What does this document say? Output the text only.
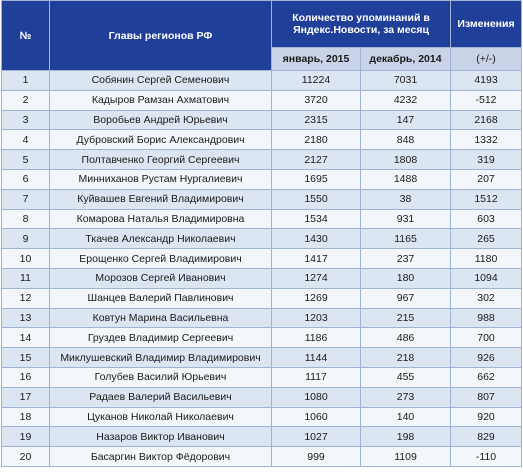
№	Главы регионов РФ	Количество упоминаний в Яндекс.Новости, за месяц		Изменения
		январь, 2015	декабрь, 2014	(+/-)
1	Собянин Сергей Семенович	11224	7031	4193
2	Кадыров Рамзан Ахматович	3720	4232	-512
3	Воробьев Андрей Юрьевич	2315	147	2168
4	Дубровский Борис Александрович	2180	848	1332
5	Полтавченко Георгий Сергеевич	2127	1808	319
6	Минниханов Рустам Нургалиевич	1695	1488	207
7	Куйвашев Евгений Владимирович	1550	38	1512
8	Комарова Наталья Владимировна	1534	931	603
9	Ткачев Александр Николаевич	1430	1165	265
10	Ерощенко Сергей Владимирович	1417	237	1180
11	Морозов Сергей Иванович	1274	180	1094
12	Шанцев Валерий Павлинович	1269	967	302
13	Ковтун Марина Васильевна	1203	215	988
14	Груздев Владимир Сергеевич	1186	486	700
15	Миклушевский Владимир Владимирович	1144	218	926
16	Голубев Василий Юрьевич	1117	455	662
17	Радаев Валерий Васильевич	1080	273	807
18	Цуканов Николай Николаевич	1060	140	920
19	Назаров Виктор Иванович	1027	198	829
20	Басаргин Виктор Фёдорович	999	1109	-110
